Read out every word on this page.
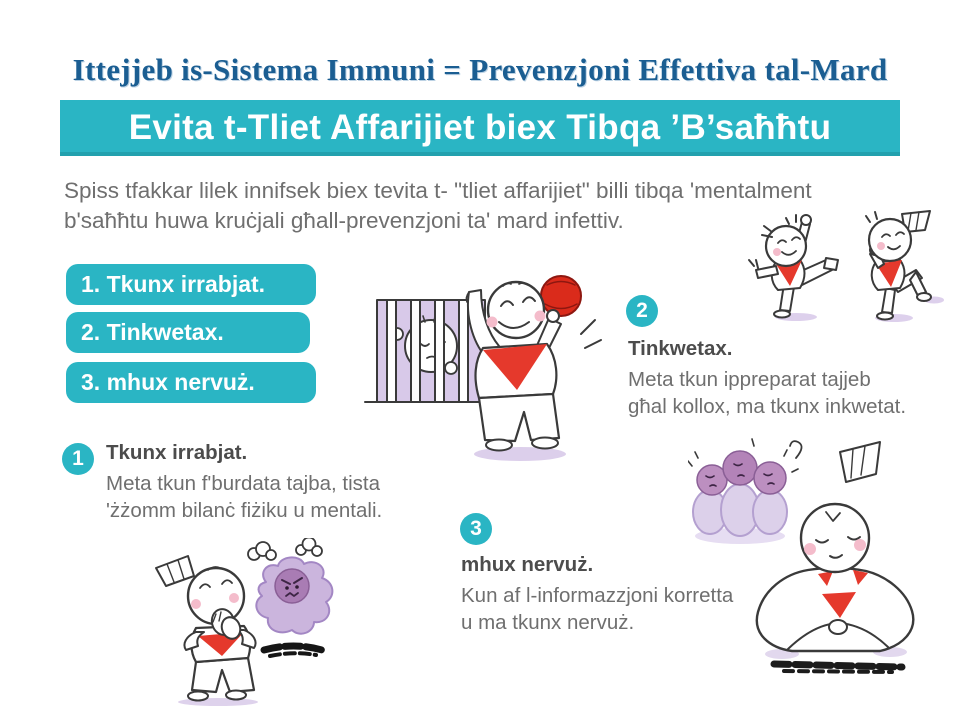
Ittejjeb is-Sistema Immuni = Prevenzjoni Effettiva tal-Mard
Evita t-Tliet Affarijiet biex Tibqa ’B’saħħtu
Spiss tfakkar lilek innifsek biex tevita t- "tliet affarijiet" billi tibqa 'mentalment
b'saħħtu huwa kruċjali għall-prevenzjoni ta' mard infettiv.
1. Tkunx irrabjat.
2. Tinkwetax.
3. mhux nervuż.
1	Tkunx irrabjat.
Meta tkun f'burdata tajba, tista
'żżomm bilanċ fiżiku u mentali.
2
Tinkwetax.
Meta tkun ippreparat tajjeb
għal kollox, ma tkunx inkwetat.
3
mhux nervuż.
Kun af l-informazzjoni korretta
u ma tkunx nervuż.
